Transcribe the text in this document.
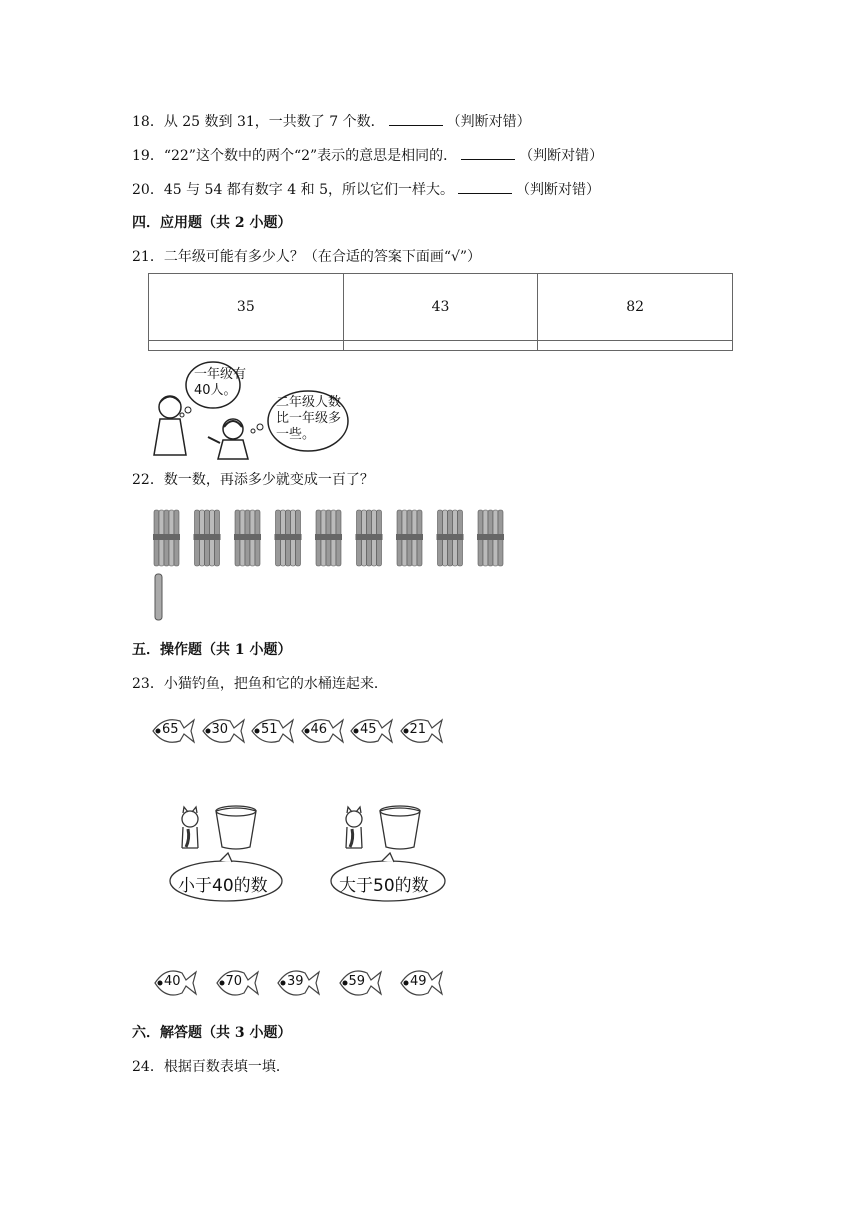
18．从 25 数到 31，一共数了 7 个数．	（判断对错）
19．“22”这个数中的两个“2”表示的意思是相同的．	（判断对错）
20．45 与 54 都有数字 4 和 5，所以它们一样大。	（判断对错）
四．应用题（共 2 小题）
21．二年级可能有多少人？（在合适的答案下面画“√”）
35	43	82

一年级有
40人。
二年级人数
比一年级多
一些。
22．数一数，再添多少就变成一百了？
五．操作题（共 1 小题）
23．小猫钓鱼，把鱼和它的水桶连起来．
65	30	51	46	45	21
小于40的数	大于50的数
40	70	39	59	49
六．解答题（共 3 小题）
24．根据百数表填一填．
